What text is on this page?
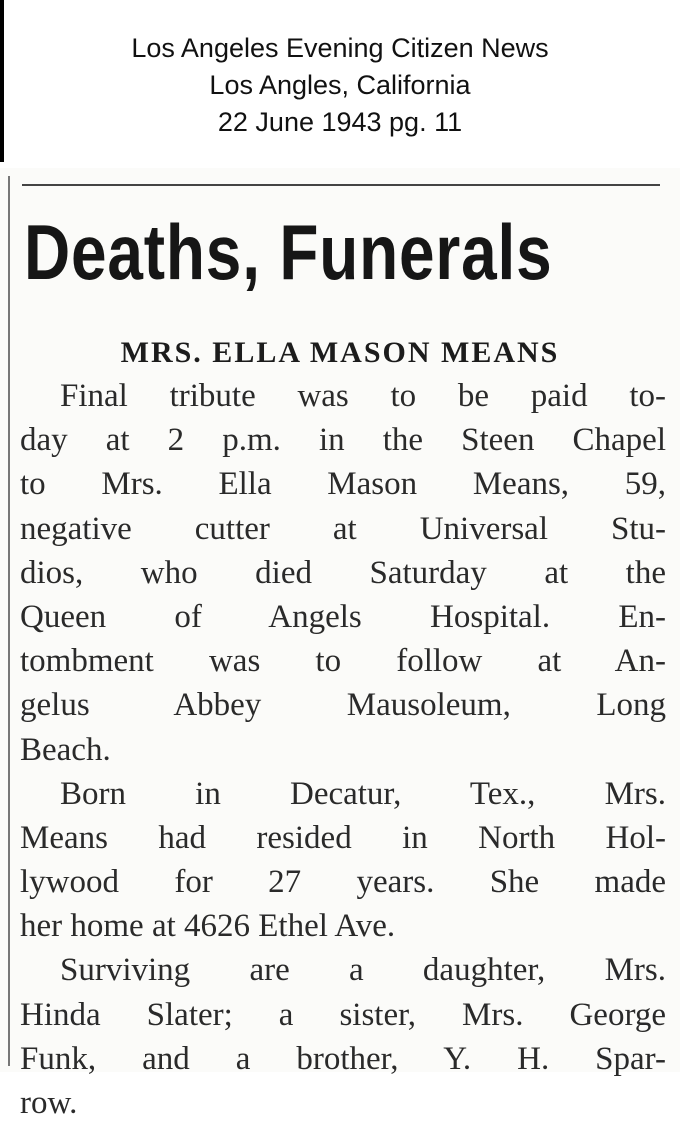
Los Angeles Evening Citizen News
Los Angles, California
22 June 1943 pg. 11
Deaths, Funerals
MRS. ELLA MASON MEANS
Final tribute was to be paid to-
day at 2 p.m. in the Steen Chapel
to Mrs. Ella Mason Means, 59,
negative cutter at Universal Stu-
dios, who died Saturday at the
Queen of Angels Hospital. En-
tombment was to follow at An-
gelus Abbey Mausoleum, Long
Beach.
Born in Decatur, Tex., Mrs.
Means had resided in North Hol-
lywood for 27 years. She made
her home at 4626 Ethel Ave.
Surviving are a daughter, Mrs.
Hinda Slater; a sister, Mrs. George
Funk, and a brother, Y. H. Spar-
row.
